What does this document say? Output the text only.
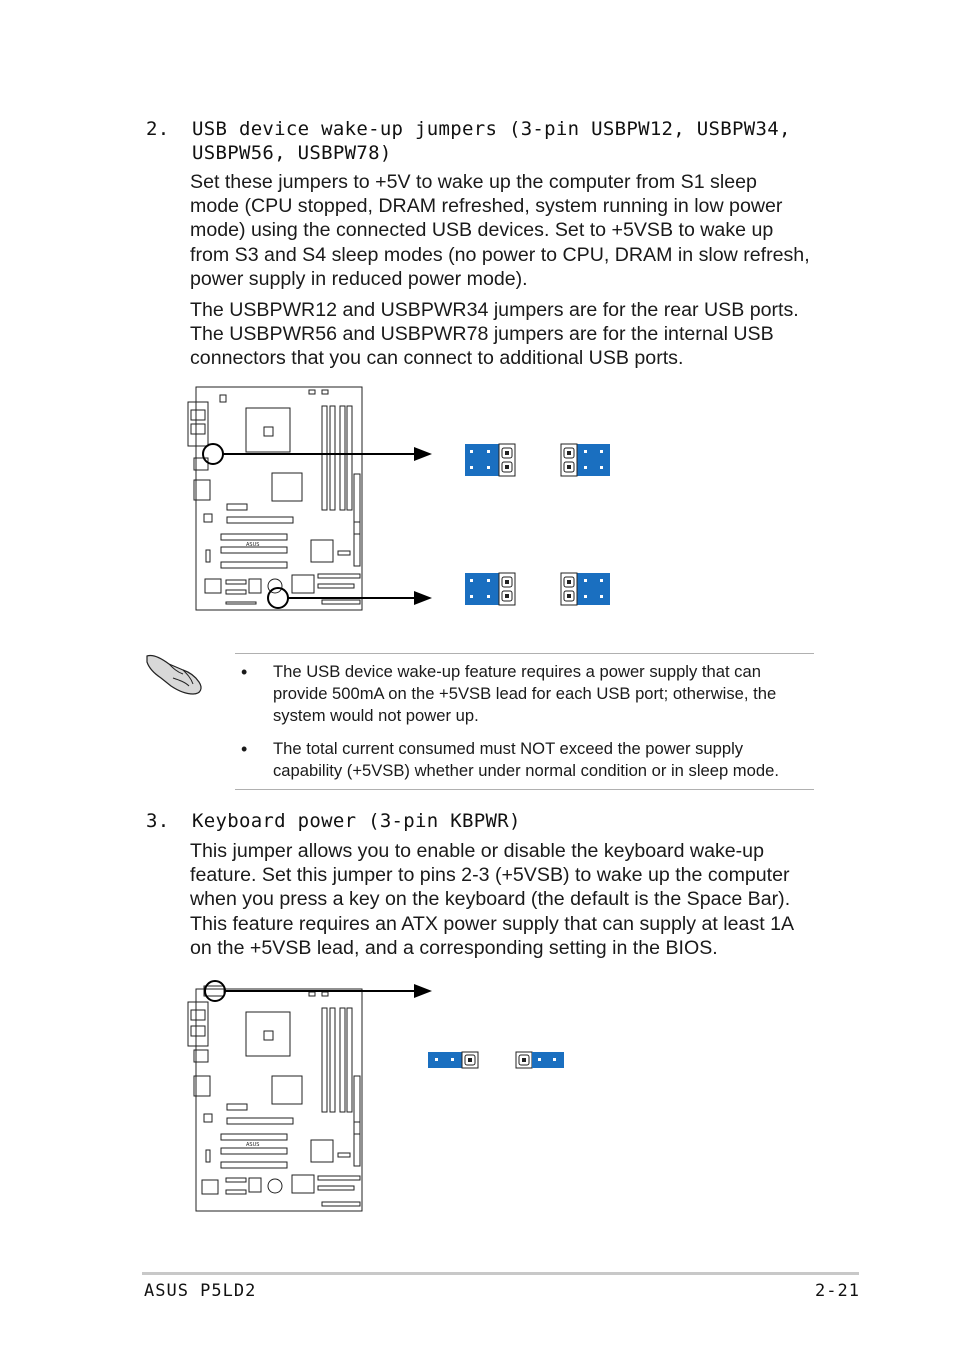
2. USB device wake-up jumpers (3-pin USBPW12, USBPW34,
USBPW56, USBPW78)
Set these jumpers to +5V to wake up the computer from S1 sleep
mode (CPU stopped, DRAM refreshed, system running in low power
mode) using the connected USB devices. Set to +5VSB to wake up
from S3 and S4 sleep modes (no power to CPU, DRAM in slow refresh,
power supply in reduced power mode).
The USBPWR12 and USBPWR34 jumpers are for the rear USB ports.
The USBPWR56 and USBPWR78 jumpers are for the internal USB
connectors that you can connect to additional USB ports.
ASUS
• The USB device wake-up feature requires a power supply that can
provide 500mA on the +5VSB lead for each USB port; otherwise, the
system would not power up.
• The total current consumed must NOT exceed the power supply
capability (+5VSB) whether under normal condition or in sleep mode.
3. Keyboard power (3-pin KBPWR)
This jumper allows you to enable or disable the keyboard wake-up
feature. Set this jumper to pins 2-3 (+5VSB) to wake up the computer
when you press a key on the keyboard (the default is the Space Bar).
This feature requires an ATX power supply that can supply at least 1A
on the +5VSB lead, and a corresponding setting in the BIOS.
ASUS
ASUS P5LD2	2-21
